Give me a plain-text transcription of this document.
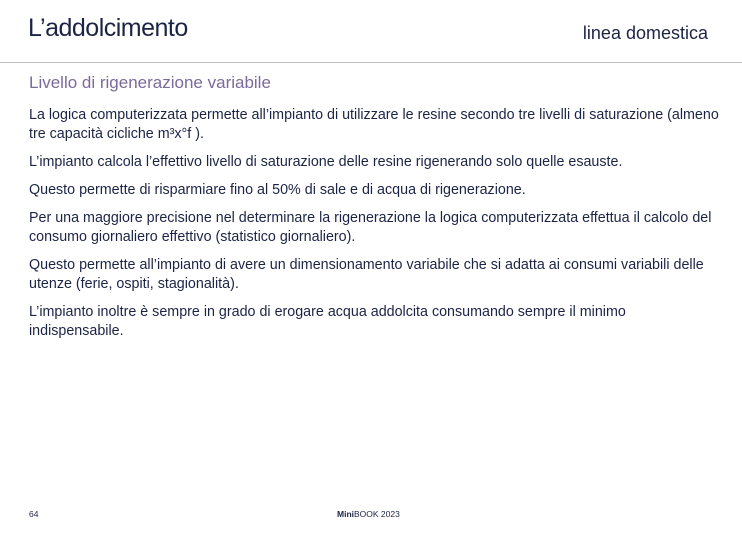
L’addolcimento	linea domestica
Livello di rigenerazione variabile

La logica computerizzata permette all’impianto di utilizzare le resine secondo tre livelli di saturazione (almeno tre capacità cicliche m³x°f ).

L’impianto calcola l’effettivo livello di saturazione delle resine rigenerando solo quelle esauste.

Questo permette di risparmiare fino al 50% di sale e di acqua di rigenerazione.

Per una maggiore precisione nel determinare la rigenerazione la logica computerizzata effettua il calcolo del consumo giornaliero effettivo (statistico giornaliero).

Questo permette all’impianto di avere un dimensionamento variabile che si adatta ai consumi variabili delle utenze (ferie, ospiti, stagionalità).

L’impianto inoltre è sempre in grado di erogare acqua addolcita consumando sempre il minimo indispensabile.

64	MiniBOOK 2023
